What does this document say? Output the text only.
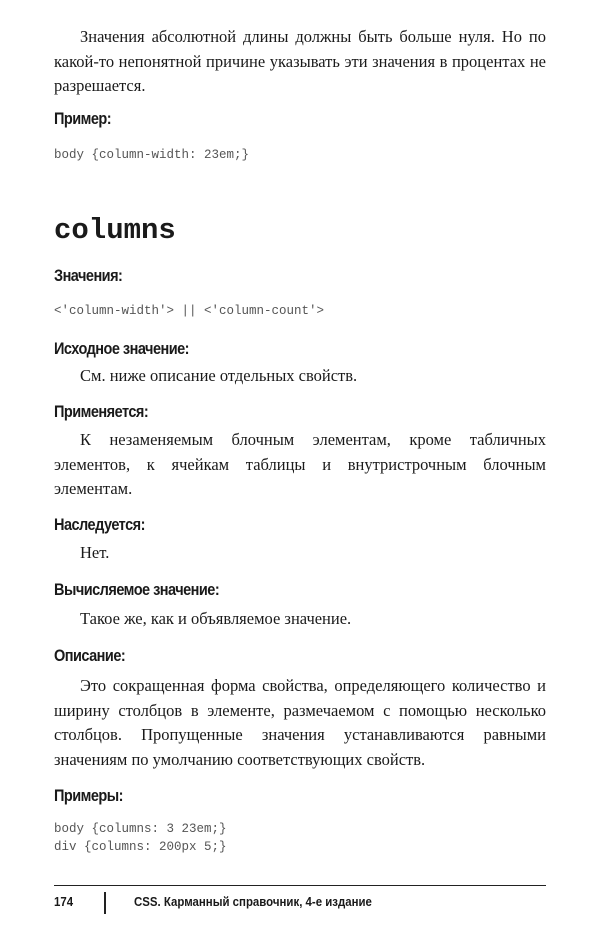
Значения абсолютной длины должны быть больше нуля. Но по какой-то непонятной причине указывать эти значения в процентах не разрешается.

Пример:

body {column-width: 23em;}

columns

Значения:

<'column-width'> || <'column-count'>

Исходное значение:

См. ниже описание отдельных свойств.

Применяется:

К незаменяемым блочным элементам, кроме табличных элементов, к ячейкам таблицы и внутристрочным блочным элементам.

Наследуется:

Нет.

Вычисляемое значение:

Такое же, как и объявляемое значение.

Описание:

Это сокращенная форма свойства, определяющего количество и ширину столбцов в элементе, размечаемом с помощью несколько столбцов. Пропущенные значения устанавливаются равными значениям по умолчанию соответствующих свойств.

Примеры:

body {columns: 3 23em;}

div {columns: 200px 5;}

174	CSS. Карманный справочник, 4-е издание
